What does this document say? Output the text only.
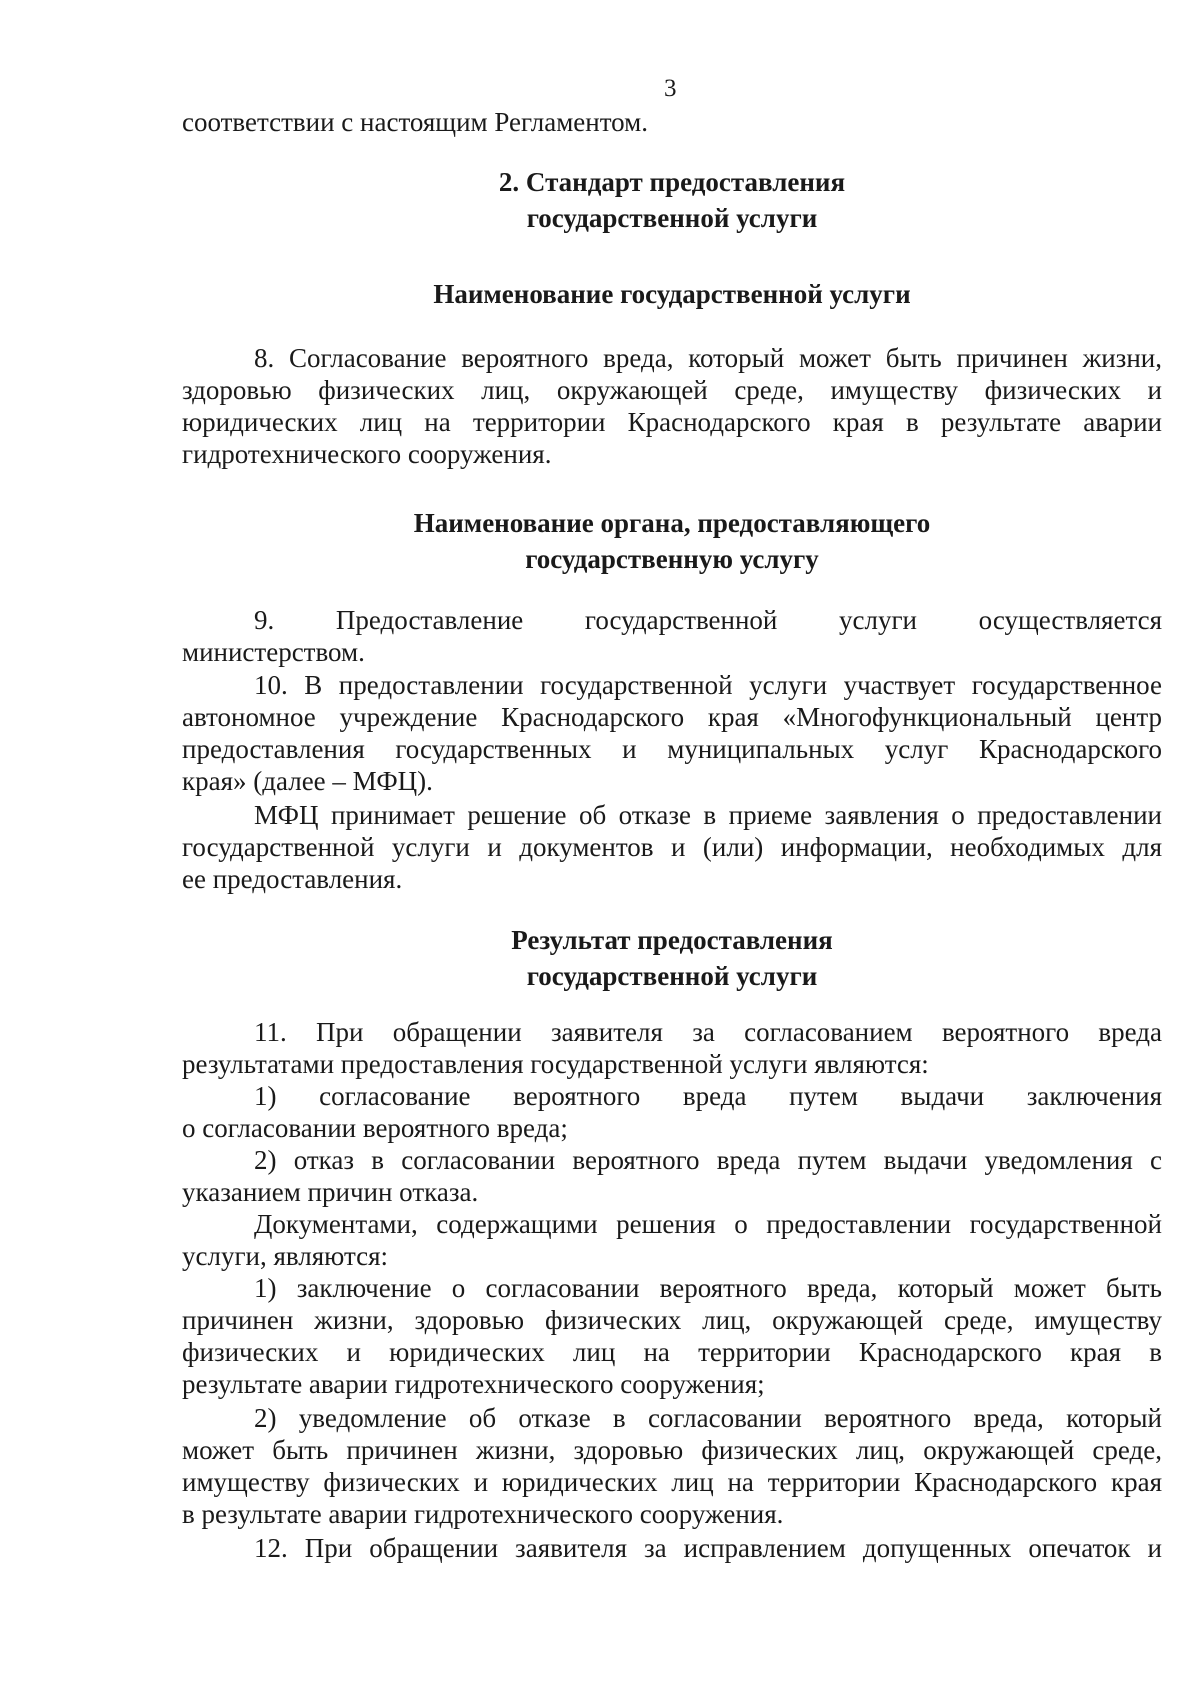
3
соответствии с настоящим Регламентом.
2. Стандарт предоставления
государственной услуги
Наименование государственной услуги
8. Согласование вероятного вреда, который может быть причинен жизни,
здоровью физических лиц, окружающей среде, имуществу физических и
юридических лиц на территории Краснодарского края в результате аварии
гидротехнического сооружения.
Наименование органа, предоставляющего
государственную услугу
9. Предоставление государственной услуги осуществляется
министерством.
10. В предоставлении государственной услуги участвует государственное
автономное учреждение Краснодарского края «Многофункциональный центр
предоставления государственных и муниципальных услуг Краснодарского
края» (далее – МФЦ).
МФЦ принимает решение об отказе в приеме заявления о предоставлении
государственной услуги и документов и (или) информации, необходимых для
ее предоставления.
Результат предоставления
государственной услуги
11. При обращении заявителя за согласованием вероятного вреда
результатами предоставления государственной услуги являются:
1) согласование вероятного вреда путем выдачи заключения
о согласовании вероятного вреда;
2) отказ в согласовании вероятного вреда путем выдачи уведомления с
указанием причин отказа.
Документами, содержащими решения о предоставлении государственной
услуги, являются:
1) заключение о согласовании вероятного вреда, который может быть
причинен жизни, здоровью физических лиц, окружающей среде, имуществу
физических и юридических лиц на территории Краснодарского края в
результате аварии гидротехнического сооружения;
2) уведомление об отказе в согласовании вероятного вреда, который
может быть причинен жизни, здоровью физических лиц, окружающей среде,
имуществу физических и юридических лиц на территории Краснодарского края
в результате аварии гидротехнического сооружения.
12. При обращении заявителя за исправлением допущенных опечаток и
